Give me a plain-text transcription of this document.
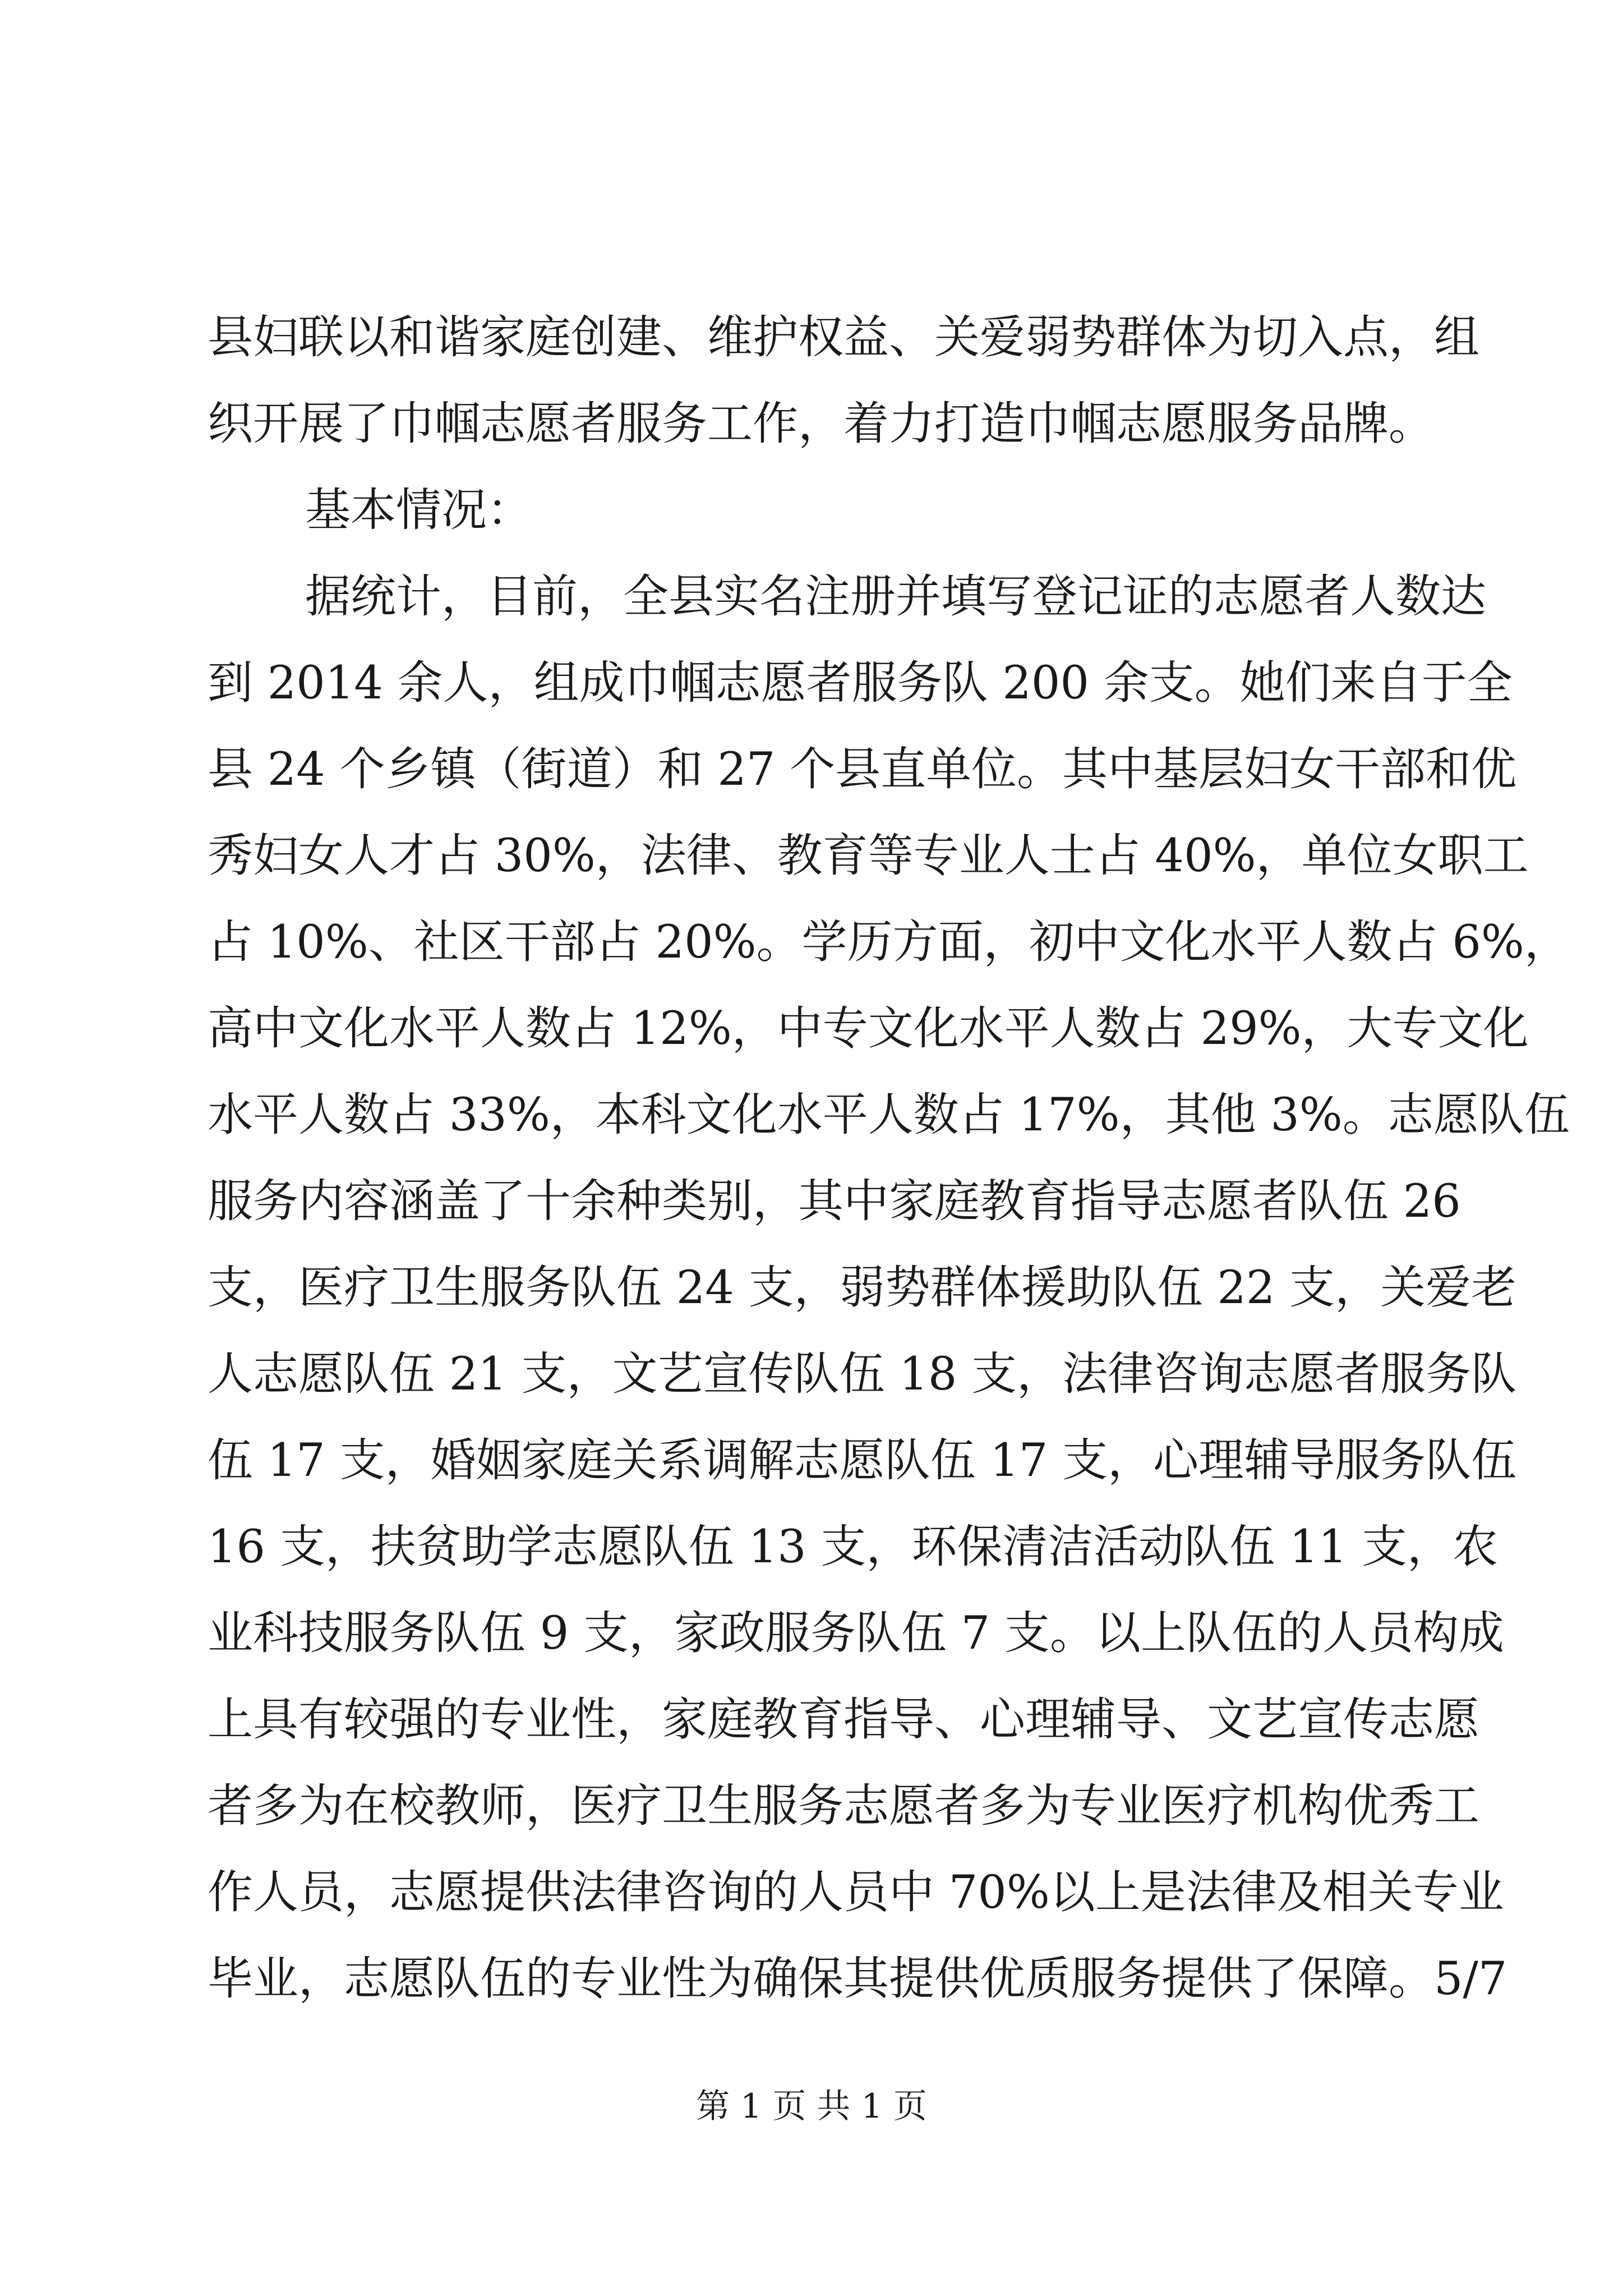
县妇联以和谐家庭创建、维护权益、关爱弱势群体为切入点，组
织开展了巾帼志愿者服务工作，着力打造巾帼志愿服务品牌。
基本情况：
据统计，目前，全县实名注册并填写登记证的志愿者人数达
到 2014 余人，组成巾帼志愿者服务队 200 余支。她们来自于全
县 24 个乡镇（街道）和 27 个县直单位。其中基层妇女干部和优
秀妇女人才占 30%，法律、教育等专业人士占 40%，单位女职工
占 10%、社区干部占 20%。学历方面，初中文化水平人数占 6%，
高中文化水平人数占 12%，中专文化水平人数占 29%，大专文化
水平人数占 33%，本科文化水平人数占 17%，其他 3%。志愿队伍
服务内容涵盖了十余种类别，其中家庭教育指导志愿者队伍 26
支，医疗卫生服务队伍 24 支，弱势群体援助队伍 22 支，关爱老
人志愿队伍 21 支，文艺宣传队伍 18 支，法律咨询志愿者服务队
伍 17 支，婚姻家庭关系调解志愿队伍 17 支，心理辅导服务队伍
16 支，扶贫助学志愿队伍 13 支，环保清洁活动队伍 11 支，农
业科技服务队伍 9 支，家政服务队伍 7 支。以上队伍的人员构成
上具有较强的专业性，家庭教育指导、心理辅导、文艺宣传志愿
者多为在校教师，医疗卫生服务志愿者多为专业医疗机构优秀工
作人员，志愿提供法律咨询的人员中 70%以上是法律及相关专业
毕业，志愿队伍的专业性为确保其提供优质服务提供了保障。5/7
第 1 页 共 1 页
